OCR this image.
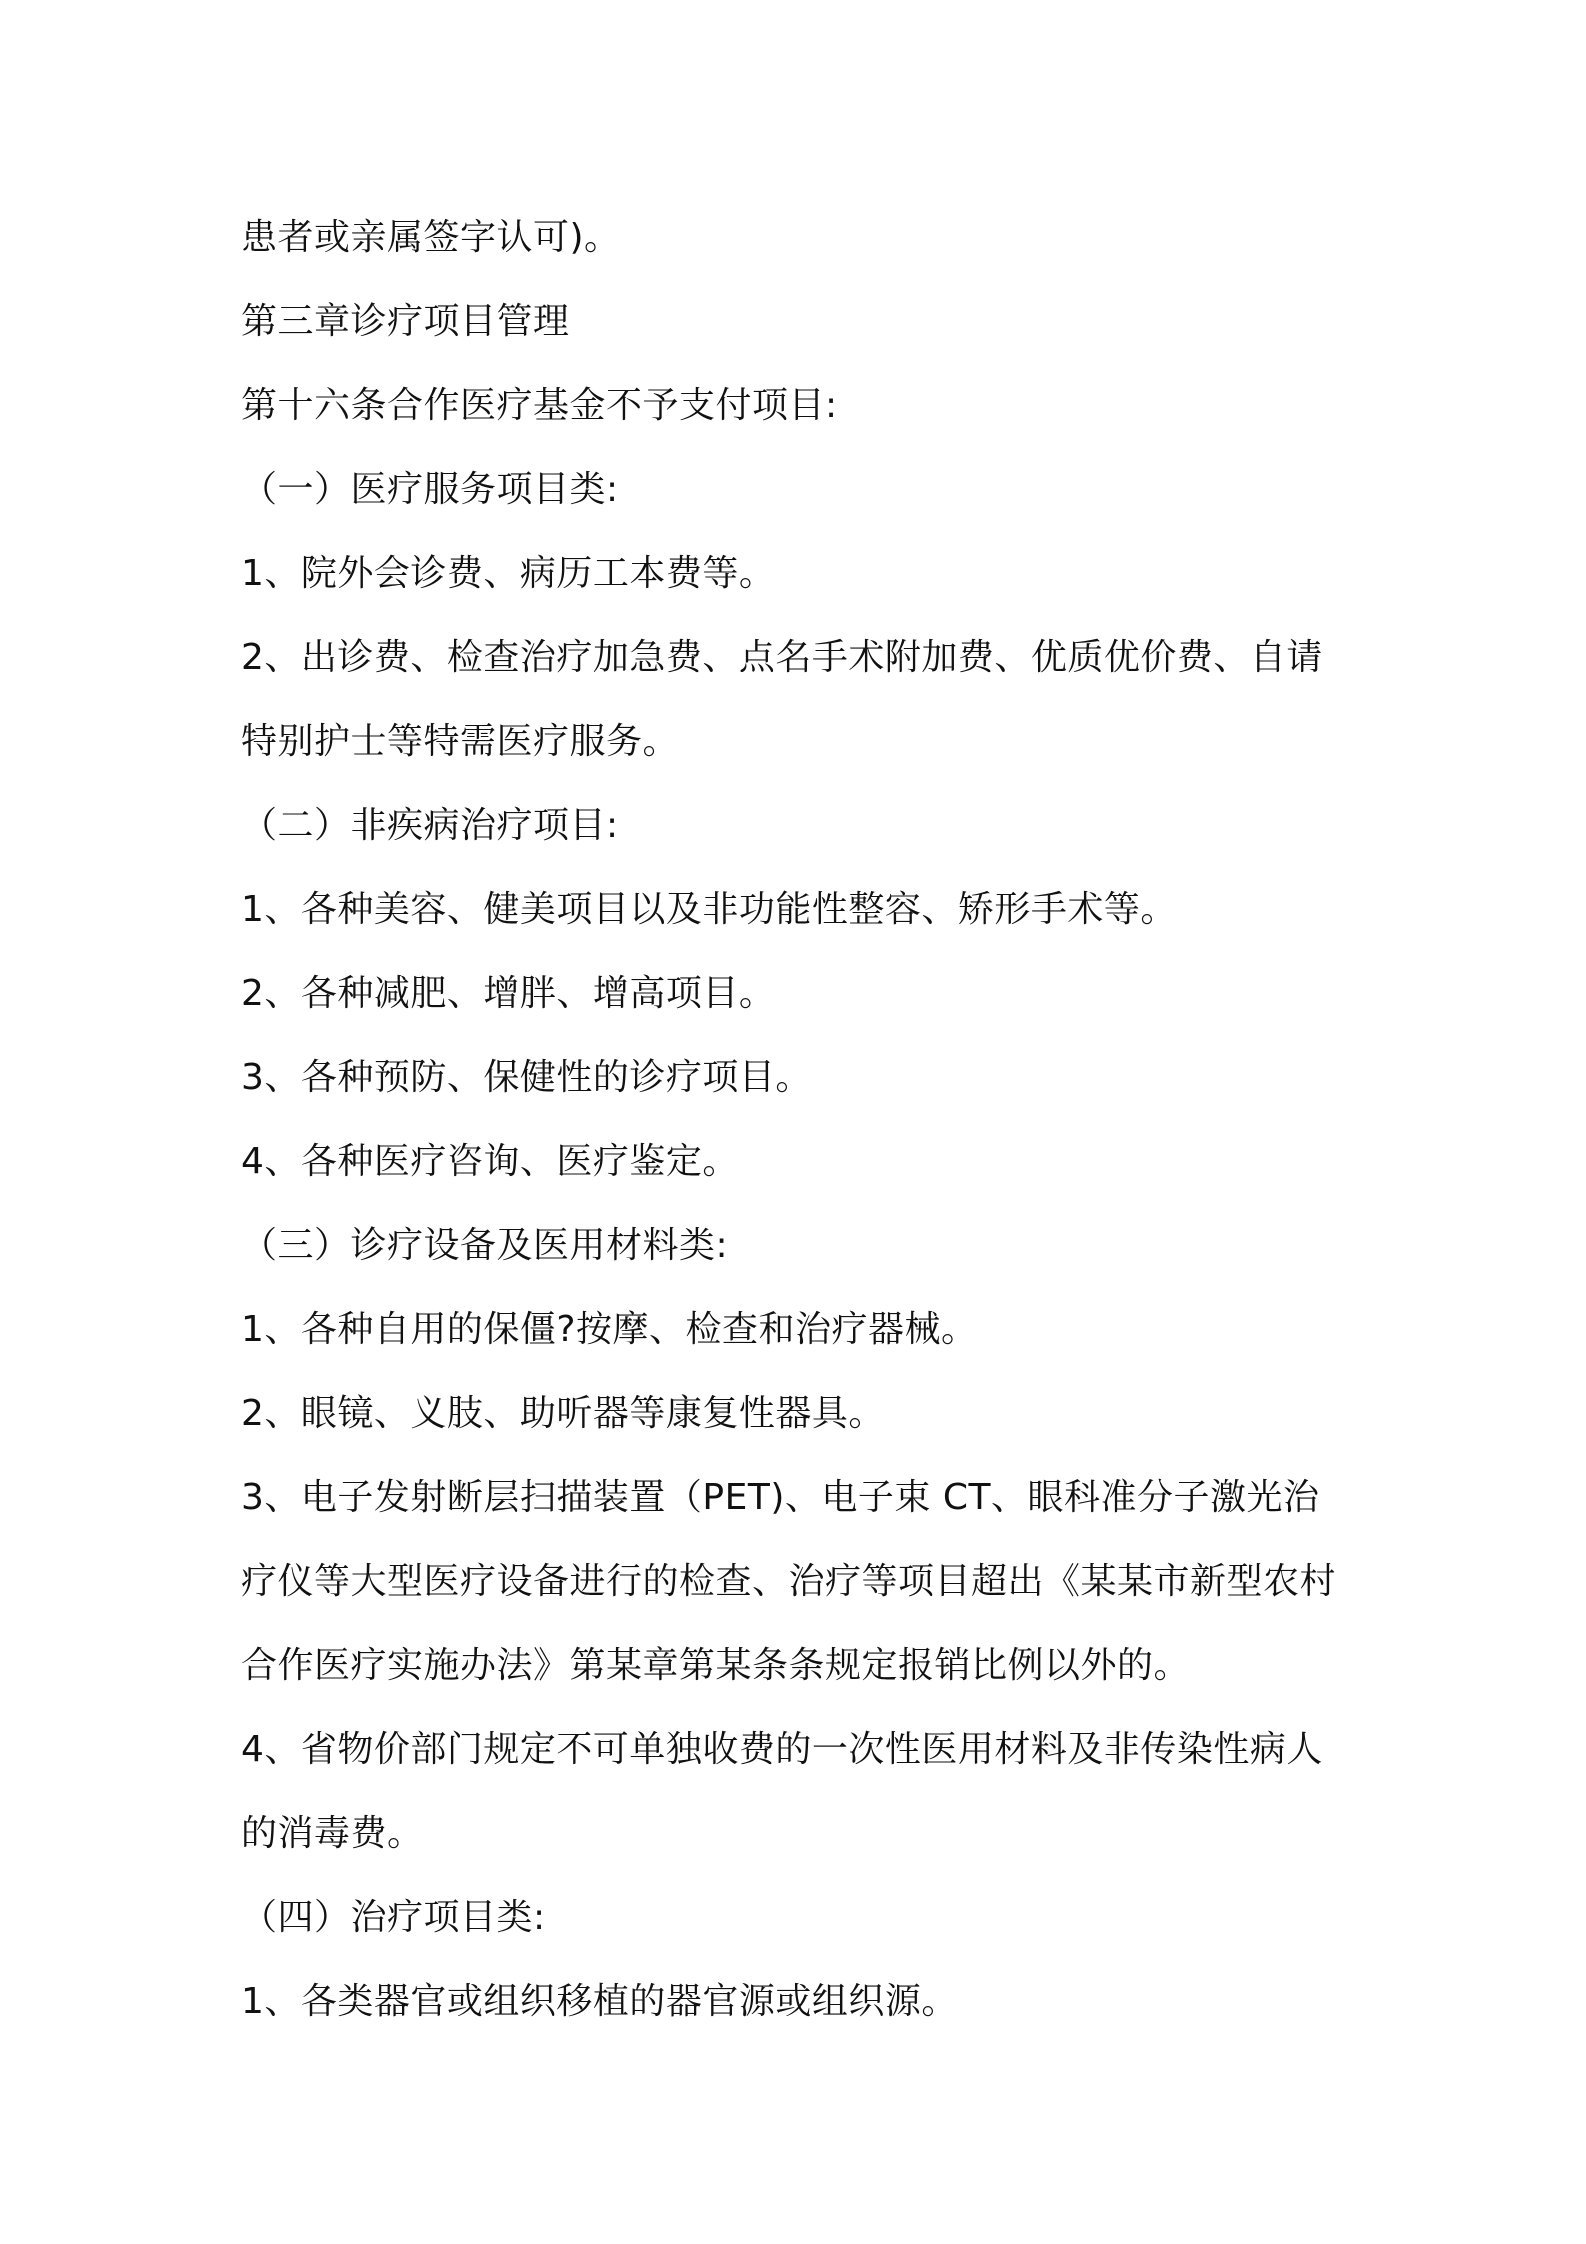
患者或亲属签字认可)。
第三章诊疗项目管理
第十六条合作医疗基金不予支付项目:
（一）医疗服务项目类:
1、院外会诊费、病历工本费等。
2、出诊费、检查治疗加急费、点名手术附加费、优质优价费、自请
特别护士等特需医疗服务。
（二）非疾病治疗项目:
1、各种美容、健美项目以及非功能性整容、矫形手术等。
2、各种减肥、增胖、增高项目。
3、各种预防、保健性的诊疗项目。
4、各种医疗咨询、医疗鉴定。
（三）诊疗设备及医用材料类:
1、各种自用的保僵?按摩、检查和治疗器械。
2、眼镜、义肢、助听器等康复性器具。
3、电子发射断层扫描装置（PET)、电子束 CT、眼科准分子激光治
疗仪等大型医疗设备进行的检查、治疗等项目超出《某某市新型农村
合作医疗实施办法》第某章第某条条规定报销比例以外的。
4、省物价部门规定不可单独收费的一次性医用材料及非传染性病人
的消毒费。
（四）治疗项目类:
1、各类器官或组织移植的器官源或组织源。
